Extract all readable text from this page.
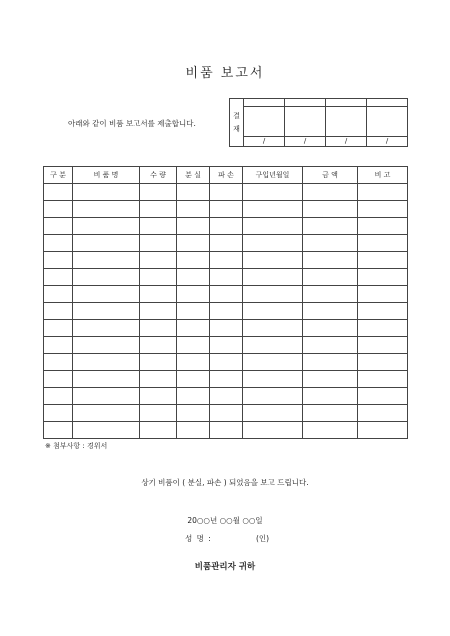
비품 보고서
아래와 같이 비품 보고서를 제출합니다.
결
재				

	/	/	/	/
구 분	비 품 명	수 량	분 실	파 손	구입년월일	금 액	비 고

※ 첨부사항 : 경위서
상기 비품이 ( 분실, 파손 ) 되었음을 보고 드립니다.
20○○년 ○○월 ○○일
성 명 :	(인)
비품관리자 귀하
